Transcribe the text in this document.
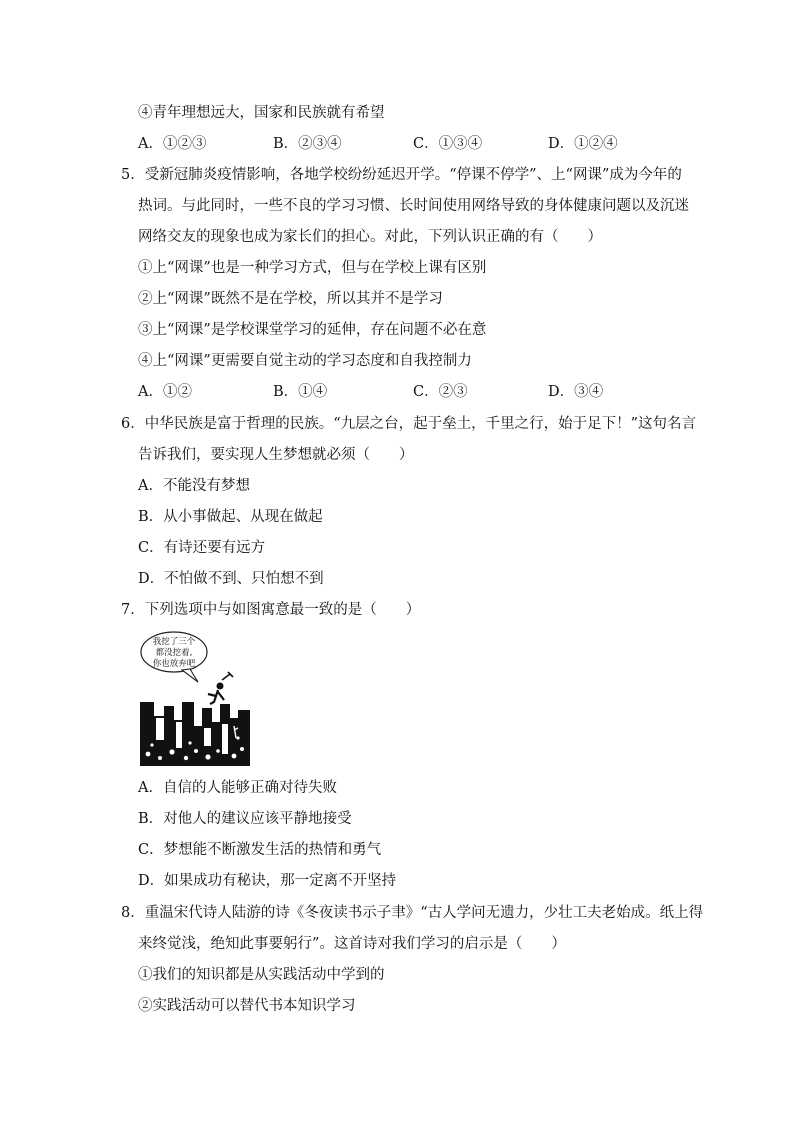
④青年理想远大，国家和民族就有希望
A．①②③	B．②③④	C．①③④	D．①②④
5．受新冠肺炎疫情影响，各地学校纷纷延迟开学。“停课不停学”、上“网课”成为今年的
热词。与此同时，一些不良的学习习惯、长时间使用网络导致的身体健康问题以及沉迷
网络交友的现象也成为家长们的担心。对此，下列认识正确的有（　　）
①上“网课”也是一种学习方式，但与在学校上课有区别
②上“网课”既然不是在学校，所以其并不是学习
③上“网课”是学校课堂学习的延伸，存在问题不必在意
④上“网课”更需要自觉主动的学习态度和自我控制力
A．①②	B．①④	C．②③	D．③④
6．中华民族是富于哲理的民族。“九层之台，起于垒土，千里之行，始于足下！”这句名言
告诉我们，要实现人生梦想就必须（　　）
A．不能没有梦想
B．从小事做起、从现在做起
C．有诗还要有远方
D．不怕做不到、只怕想不到
7．下列选项中与如图寓意最一致的是（　　）
我挖了三个
都没挖着,
你也放弃吧
A．自信的人能够正确对待失败
B．对他人的建议应该平静地接受
C．梦想能不断激发生活的热情和勇气
D．如果成功有秘诀，那一定离不开坚持
8．重温宋代诗人陆游的诗《冬夜读书示子聿》“古人学问无遗力，少壮工夫老始成。纸上得
来终觉浅，绝知此事要躬行”。这首诗对我们学习的启示是（　　）
①我们的知识都是从实践活动中学到的
②实践活动可以替代书本知识学习
